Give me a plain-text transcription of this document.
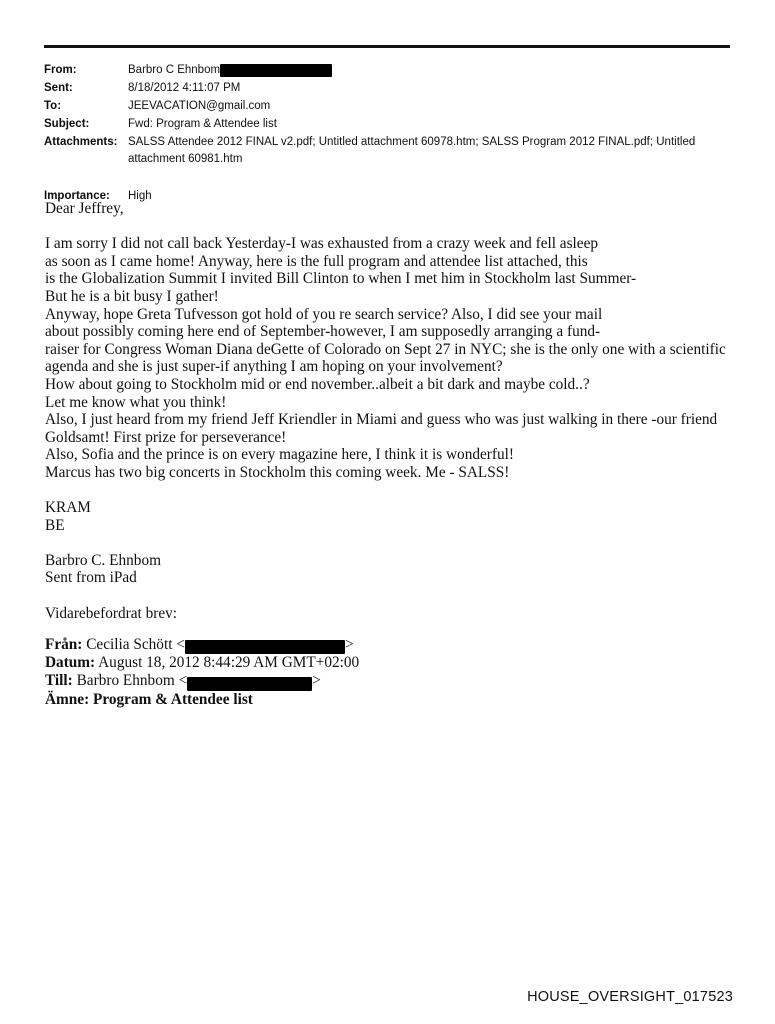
From:	Barbro C Ehnbom
Sent:	8/18/2012 4:11:07 PM
To:	JEEVACATION@gmail.com
Subject:	Fwd: Program & Attendee list
Attachments: SALSS Attendee 2012 FINAL v2.pdf; Untitled attachment 60978.htm; SALSS Program 2012 FINAL.pdf; Untitled attachment 60981.htm
Importance:	High
Dear Jeffrey,
I am sorry I did not call back Yesterday-I was exhausted from a crazy week and fell asleep
as soon as I came home! Anyway, here is the full program and attendee list attached, this
is the Globalization Summit I invited Bill Clinton to when I met him in Stockholm last Summer-
But he is a bit busy I gather!
Anyway, hope Greta Tufvesson got hold of you re search service? Also, I did see your mail
about possibly coming here end of September-however, I am supposedly arranging a fund-
raiser for Congress Woman Diana deGette of Colorado on Sept 27 in NYC; she is the only one with a scientific
agenda and she is just super-if anything I am hoping on your involvement?
How about going to Stockholm mid or end november..albeit a bit dark and maybe cold..?
Let me know what you think!
Also, I just heard from my friend Jeff Kriendler in Miami and guess who was just walking in there -our friend
Goldsamt! First prize for perseverance!
Also, Sofia and the prince is on every magazine here, I think it is wonderful!
Marcus has two big concerts in Stockholm this coming week. Me - SALSS!
KRAM
BE
Barbro C. Ehnbom
Sent from iPad
Vidarebefordrat brev:
Från: Cecilia Schött <	>
Datum: August 18, 2012 8:44:29 AM GMT+02:00
Till: Barbro Ehnbom <	>
Ämne: Program & Attendee list
HOUSE_OVERSIGHT_017523
